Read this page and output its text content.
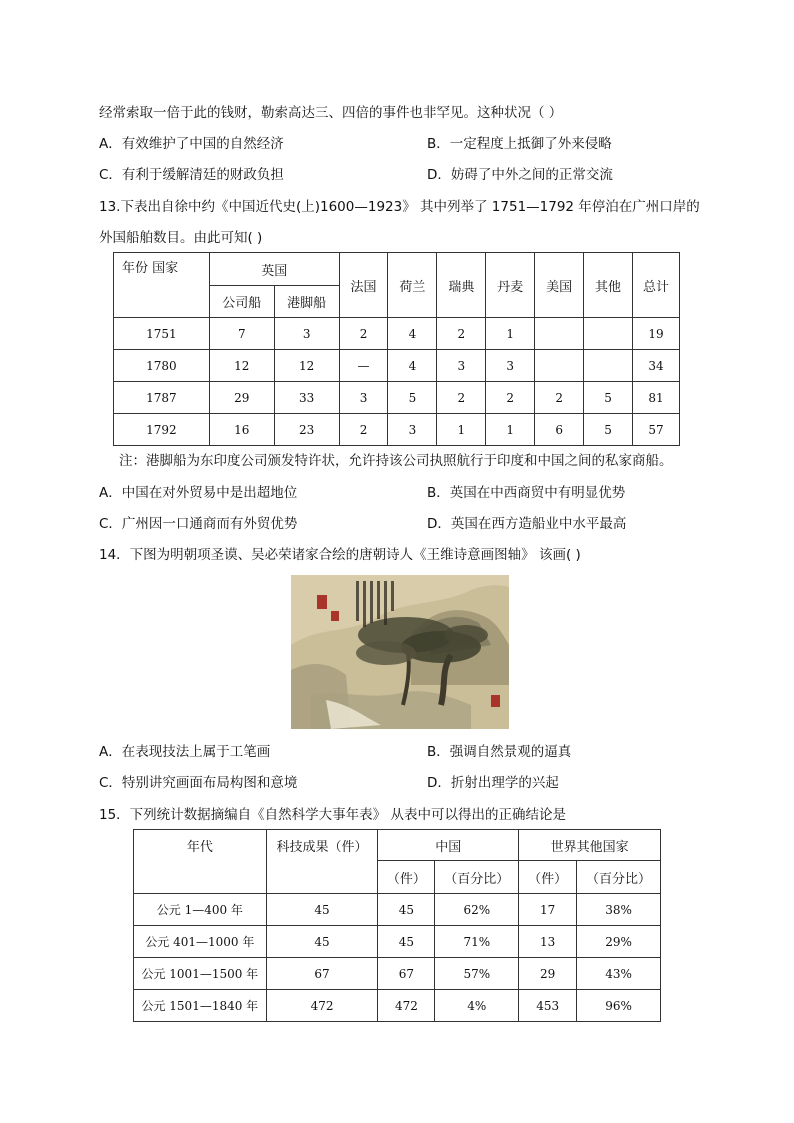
经常索取一倍于此的钱财，勒索高达三、四倍的事件也非罕见。这种状况（ ）
A．有效维护了中国的自然经济	B．一定程度上抵御了外来侵略
C．有利于缓解清廷的财政负担	D．妨碍了中外之间的正常交流
13.下表出自徐中约《中国近代史(上)1600—1923》 其中列举了 1751—1792 年停泊在广州口岸的
外国船舶数目。由此可知( )
年份 国家	英国		法国	荷兰	瑞典	丹麦	美国	其他	总计
	公司船	港脚船							
1751	7	3	2	4	2	1			19
1780	12	12	—	4	3	3			34
1787	29	33	3	5	2	2	2	5	81
1792	16	23	2	3	1	1	6	5	57
注：港脚船为东印度公司颁发特许状，允许持该公司执照航行于印度和中国之间的私家商船。
A．中国在对外贸易中是出超地位	B．英国在中西商贸中有明显优势
C．广州因一口通商而有外贸优势	D．英国在西方造船业中水平最高
14．下图为明朝项圣谟、吴必荣诸家合绘的唐朝诗人《王维诗意画图轴》 该画( )
A．在表现技法上属于工笔画	B．强调自然景观的逼真
C．特别讲究画面布局构图和意境	D．折射出理学的兴起
15．下列统计数据摘编自《自然科学大事年表》 从表中可以得出的正确结论是
年代	科技成果（件）	中国		世界其他国家	
		（件）	（百分比）	（件）	（百分比）
公元 1—400 年	45	45	62%	17	38%
公元 401—1000 年	45	45	71%	13	29%
公元 1001—1500 年	67	67	57%	29	43%
公元 1501—1840 年	472	472	4%	453	96%
